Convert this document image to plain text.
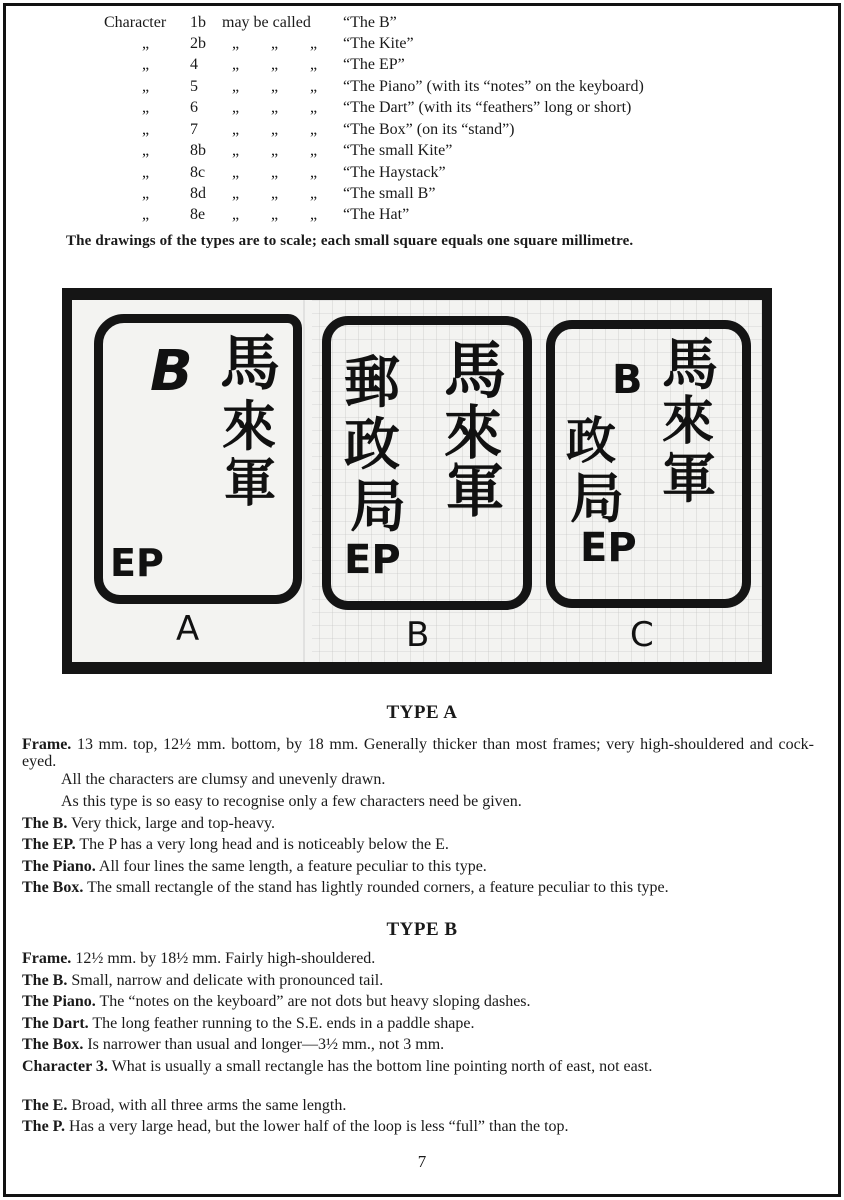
Character 1b may be called “The B”
„	2b „ „ „ “The Kite”
„	4 „ „ „ “The EP”
„	5 „ „ „ “The Piano” (with its “notes” on the keyboard)
„	6 „ „ „ “The Dart” (with its “feathers” long or short)
„	7 „ „ „ “The Box” (on its “stand”)
„	8b „ „ „ “The small Kite”
„	8c „ „ „ “The Haystack”
„	8d „ „ „ “The small B”
„	8e „ „ „ “The Hat”
The drawings of the types are to scale; each small square equals one square millimetre.
B 馬
來
軍
EP
A
郵
政
局
馬
來
軍
EP
B
B
政
局
馬
來
軍
EP
C
TYPE A
Frame. 13 mm. top, 12½ mm. bottom, by 18 mm. Generally thicker than most frames; very high-shouldered and cock-eyed.
All the characters are clumsy and unevenly drawn.
As this type is so easy to recognise only a few characters need be given.
The B. Very thick, large and top-heavy.
The EP. The P has a very long head and is noticeably below the E.
The Piano. All four lines the same length, a feature peculiar to this type.
The Box. The small rectangle of the stand has lightly rounded corners, a feature peculiar to this type.
TYPE B
Frame. 12½ mm. by 18½ mm. Fairly high-shouldered.
The B. Small, narrow and delicate with pronounced tail.
The Piano. The “notes on the keyboard” are not dots but heavy sloping dashes.
The Dart. The long feather running to the S.E. ends in a paddle shape.
The Box. Is narrower than usual and longer—3½ mm., not 3 mm.
Character 3. What is usually a small rectangle has the bottom line pointing north of east, not east.
The E. Broad, with all three arms the same length.
The P. Has a very large head, but the lower half of the loop is less “full” than the top.
7
